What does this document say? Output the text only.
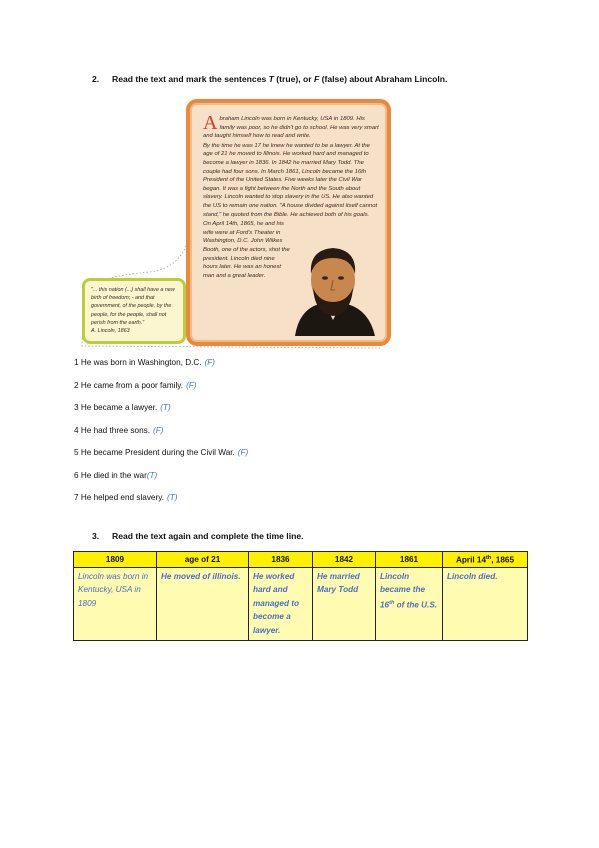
2. Read the text and mark the sentences T (true), or F (false) about Abraham Lincoln.

Abraham Lincoln was born in Kentucky, USA in 1809. His family was poor, so he didn't go to school. He was very smart and taught himself how to read and write.

By the time he was 17 he knew he wanted to be a lawyer. At the age of 21 he moved to Illinois. He worked hard and managed to become a lawyer in 1836. In 1842 he married Mary Todd. The couple had four sons. In March 1861, Lincoln became the 16th President of the United States. Five weeks later the Civil War began. It was a fight between the North and the South about slavery. Lincoln wanted to stop slavery in the US. He also wanted the US to remain one nation. "A house divided against itself cannot stand," he quoted from the Bible. He achieved both of his goals.

On April 14th, 1865, he and his wife were at Ford's Theater in Washington, D.C. John Wilkes Booth, one of the actors, shot the president. Lincoln died nine hours later. He was an honest man and a great leader.

"... this nation (...) shall have a new birth of freedom; - and that government, of the people, by the people, for the people, shall not perish from the earth."
A. Lincoln, 1863
1 He was born in Washington, D.C. (F)
2 He came from a poor family. (F)
3 He became a lawyer. (T)
4 He had three sons. (F)
5 He became President during the Civil War. (F)
6 He died in the war(T)
7 He helped end slavery. (T)
3. Read the text again and complete the time line.
1809	age of 21	1836	1842	1861	April 14th, 1865
Lincoln was born in Kentucky, USA in 1809	He moved of illinois.	He worked hard and managed to become a lawyer.	He married Mary Todd	Lincoln became the 16th of the U.S.	Lincoln died.
